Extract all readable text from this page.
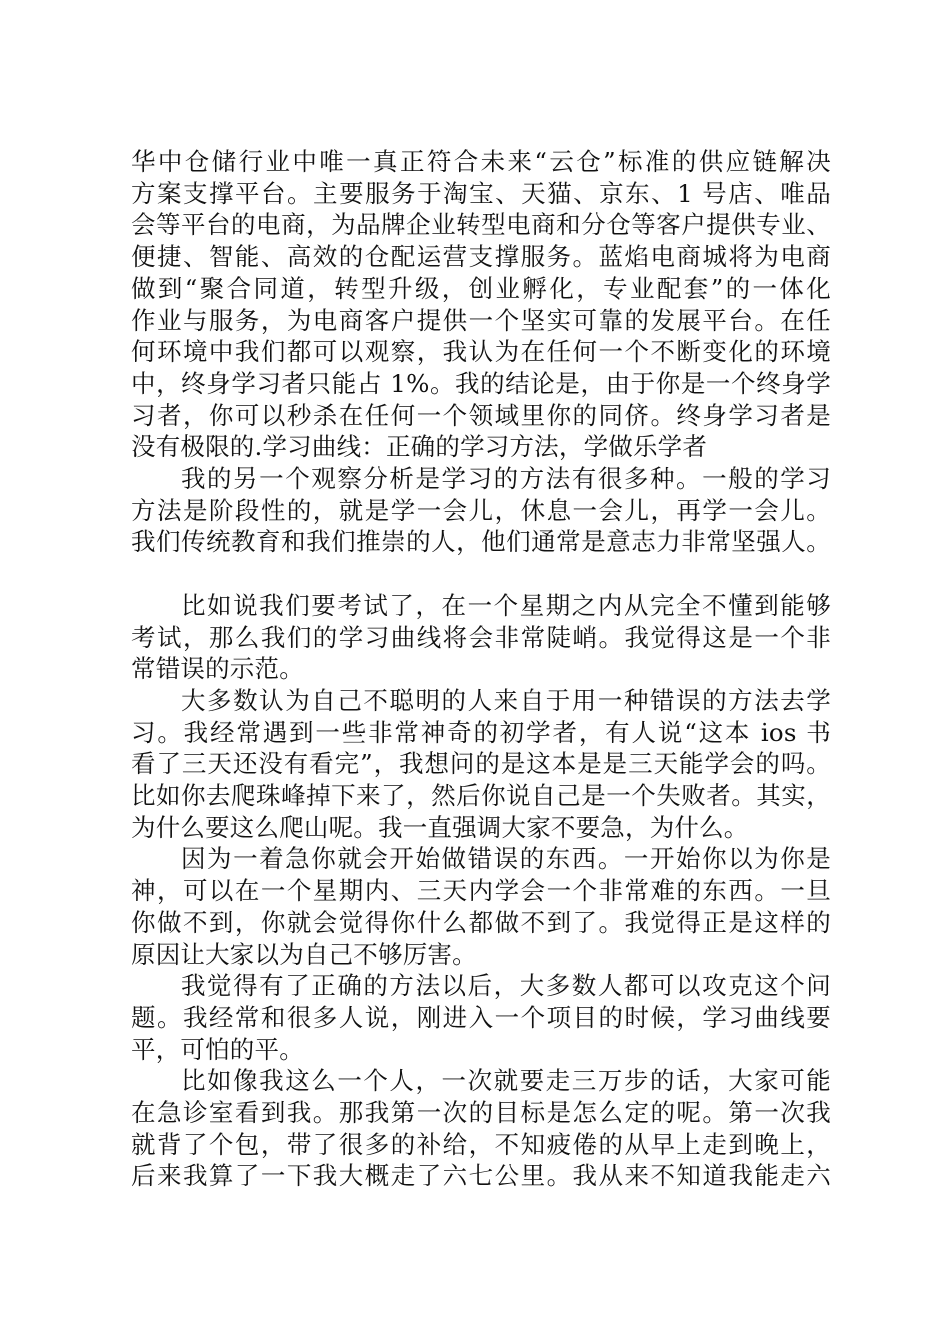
华中仓储行业中唯一真正符合未来“云仓”标准的供应链解决
方案支撑平台。主要服务于淘宝、天猫、京东、1 号店、唯品
会等平台的电商，为品牌企业转型电商和分仓等客户提供专业、
便捷、智能、高效的仓配运营支撑服务。蓝焰电商城将为电商
做到“聚合同道，转型升级，创业孵化，专业配套”的一体化
作业与服务，为电商客户提供一个坚实可靠的发展平台。在任
何环境中我们都可以观察，我认为在任何一个不断变化的环境
中，终身学习者只能占 1%。我的结论是，由于你是一个终身学
习者，你可以秒杀在任何一个领域里你的同侪。终身学习者是
没有极限的.学习曲线：正确的学习方法，学做乐学者

我的另一个观察分析是学习的方法有很多种。一般的学习
方法是阶段性的，就是学一会儿，休息一会儿，再学一会儿。
我们传统教育和我们推崇的人，他们通常是意志力非常坚强人。

比如说我们要考试了，在一个星期之内从完全不懂到能够
考试，那么我们的学习曲线将会非常陡峭。我觉得这是一个非
常错误的示范。

大多数认为自己不聪明的人来自于用一种错误的方法去学
习。我经常遇到一些非常神奇的初学者，有人说“这本 ios 书
看了三天还没有看完”，我想问的是这本是是三天能学会的吗。
比如你去爬珠峰掉下来了，然后你说自己是一个失败者。其实，
为什么要这么爬山呢。我一直强调大家不要急，为什么。

因为一着急你就会开始做错误的东西。一开始你以为你是
神，可以在一个星期内、三天内学会一个非常难的东西。一旦
你做不到，你就会觉得你什么都做不到了。我觉得正是这样的
原因让大家以为自己不够厉害。

我觉得有了正确的方法以后，大多数人都可以攻克这个问
题。我经常和很多人说，刚进入一个项目的时候，学习曲线要
平，可怕的平。

比如像我这么一个人，一次就要走三万步的话，大家可能
在急诊室看到我。那我第一次的目标是怎么定的呢。第一次我
就背了个包，带了很多的补给，不知疲倦的从早上走到晚上，
后来我算了一下我大概走了六七公里。我从来不知道我能走六
